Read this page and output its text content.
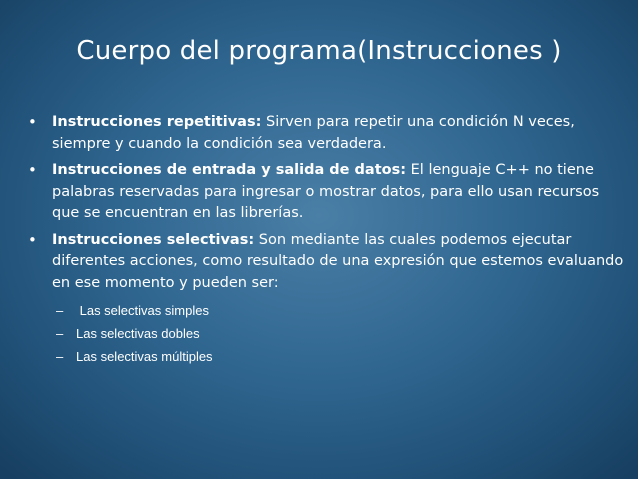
Cuerpo del programa(Instrucciones )
• Instrucciones repetitivas: Sirven para repetir una condición N veces, siempre y cuando la condición sea verdadera.
• Instrucciones de entrada y salida de datos: El lenguaje C++ no tiene palabras reservadas para ingresar o mostrar datos, para ello usan recursos que se encuentran en las librerías.
• Instrucciones selectivas: Son mediante las cuales podemos ejecutar diferentes acciones, como resultado de una expresión que estemos evaluando en ese momento y pueden ser:
– Las selectivas simples
– Las selectivas dobles
– Las selectivas múltiples
